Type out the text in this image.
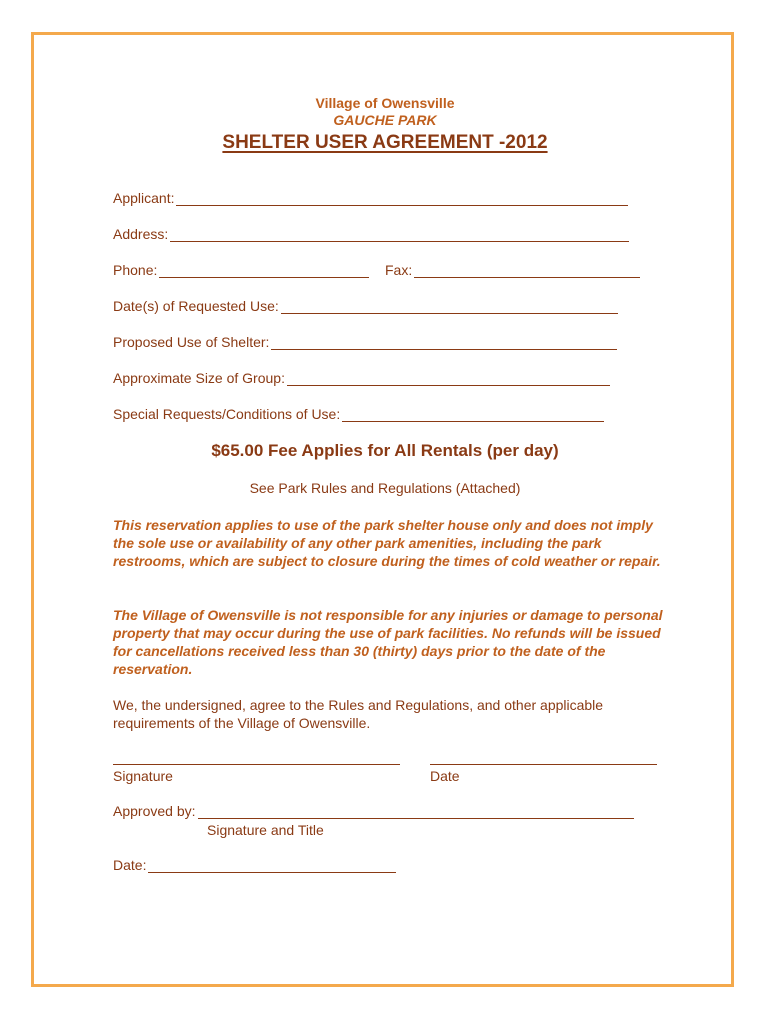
Village of Owensville
GAUCHE PARK
SHELTER USER AGREEMENT -2012
Applicant:
Address:
Phone:	Fax:
Date(s) of Requested Use:
Proposed Use of Shelter:
Approximate Size of Group:
Special Requests/Conditions of Use:
$65.00 Fee Applies for All Rentals (per day)
See Park Rules and Regulations (Attached)
This reservation applies to use of the park shelter house only and does not imply the sole use or availability of any other park amenities, including the park restrooms, which are subject to closure during the times of cold weather or repair.
The Village of Owensville is not responsible for any injuries or damage to personal property that may occur during the use of park facilities. No refunds will be issued for cancellations received less than 30 (thirty) days prior to the date of the reservation.
We, the undersigned, agree to the Rules and Regulations, and other applicable requirements of the Village of Owensville.
Signature	Date
Approved by:
Signature and Title
Date:
